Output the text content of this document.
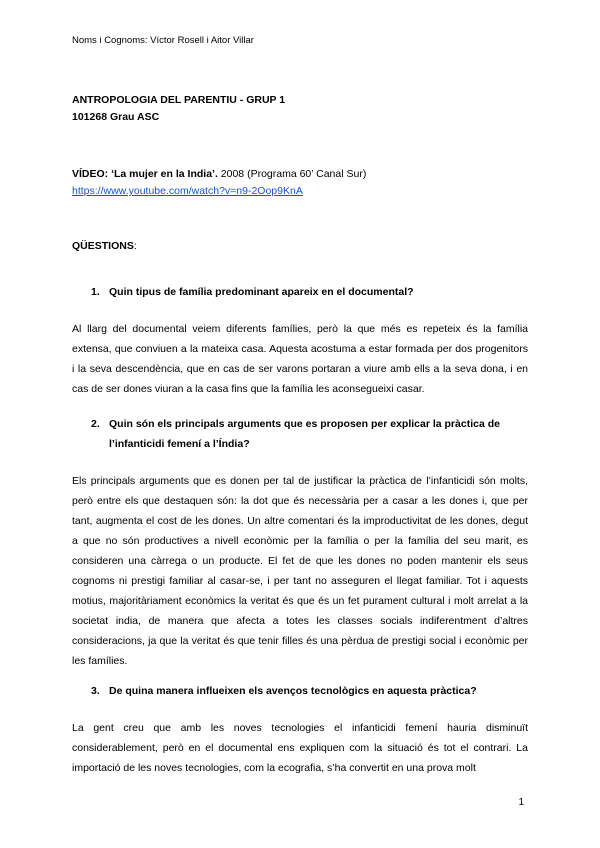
Noms i Cognoms: Víctor Rosell i Aitor Villar
ANTROPOLOGIA DEL PARENTIU - GRUP 1
101268 Grau ASC
VÍDEO: ‘La mujer en la India’. 2008 (Programa 60’ Canal Sur)
https://www.youtube.com/watch?v=n9-2Oop9KnA
QÜESTIONS:
1. Quin tipus de família predominant apareix en el documental?
Al llarg del documental veiem diferents famílies, però la que més es repeteix és la família extensa, que conviuen a la mateixa casa. Aquesta acostuma a estar formada per dos progenitors i la seva descendència, que en cas de ser varons portaran a viure amb ells a la seva dona, i en cas de ser dones viuran a la casa fins que la família les aconsegueixi casar.
2. Quin són els principals arguments que es proposen per explicar la pràctica de l’infanticidi femení a l’Índia?
Els principals arguments que es donen per tal de justificar la pràctica de l’infanticidi són molts, però entre els que destaquen són: la dot que és necessària per a casar a les dones i, que per tant, augmenta el cost de les dones. Un altre comentari és la improductivitat de les dones, degut a que no són productives a nivell econòmic per la família o per la família del seu marit, es consideren una càrrega o un producte. El fet de que les dones no poden mantenir els seus cognoms ni prestigi familiar al casar-se, i per tant no asseguren el llegat familiar. Tot i aquests motius, majoritàriament econòmics la veritat és que és un fet purament cultural i molt arrelat a la societat india, de manera que afecta a totes les classes socials indiferentment d’altres consideracions, ja que la veritat és que tenir filles és una pèrdua de prestigi social i econòmic per les famílies.
3. De quina manera influeixen els avenços tecnològics en aquesta pràctica?
La gent creu que amb les noves tecnologies el infanticidi femení hauria disminuït considerablement, però en el documental ens expliquen com la situació és tot el contrari. La importació de les noves tecnologies, com la ecografia, s’ha convertit en una prova molt
1
